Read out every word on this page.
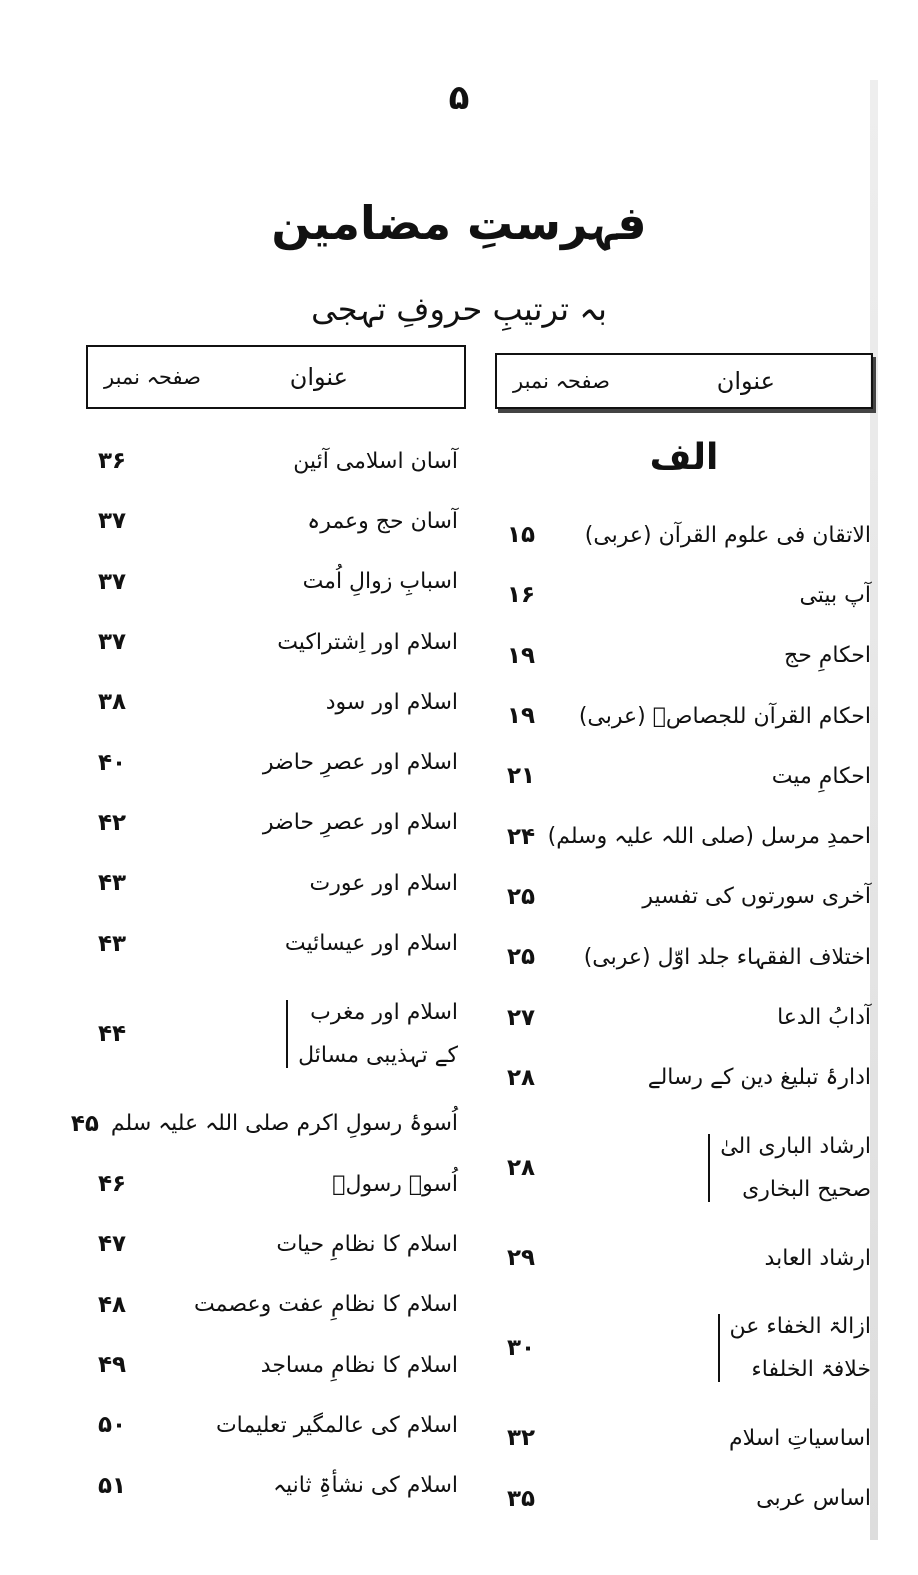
۵
فہرستِ مضامین
بہ ترتیبِ حروفِ تہجی
صفحہ نمبر	عنوان
الف
الاتقان فی علوم القرآن (عربی)
۱۵
آپ بیتی
۱۶
احکامِ حج
۱۹
احکام القرآن للجصاصؒ (عربی)
۱۹
احکامِ میت
۲۱
احمدِ مرسل (صلی اللہ علیہ وسلم)
۲۴
آخری سورتوں کی تفسیر
۲۵
اختلاف الفقہاء جلد اوّل (عربی)
۲۵
آدابُ الدعا
۲۷
ادارۂ تبلیغ دین کے رسالے
۲۸
ارشاد الباری الیٰ
صحیح البخاری
۲۸
ارشاد العابد
۲۹
ازالۃ الخفاء عن
خلافۃ الخلفاء
۳۰
اساسیاتِ اسلام
۳۲
اساس عربی
۳۵
صفحہ نمبر	عنوان
آسان اسلامی آئین
۳۶
آسان حج وعمرہ
۳۷
اسبابِ زوالِ اُمت
۳۷
اسلام اور اِشتراکیت
۳۷
اسلام اور سود
۳۸
اسلام اور عصرِ حاضر
۴۰
اسلام اور عصرِ حاضر
۴۲
اسلام اور عورت
۴۳
اسلام اور عیسائیت
۴۳
اسلام اور مغرب
کے تہذیبی مسائل
۴۴
اُسوۂ رسولِ اکرم صلی اللہ علیہ سلم
۴۵
اُسوۂ رسولؐ
۴۶
اسلام کا نظامِ حیات
۴۷
اسلام کا نظامِ عفت وعصمت
۴۸
اسلام کا نظامِ مساجد
۴۹
اسلام کی عالمگیر تعلیمات
۵۰
اسلام کی نشأۃِ ثانیہ
۵۱
